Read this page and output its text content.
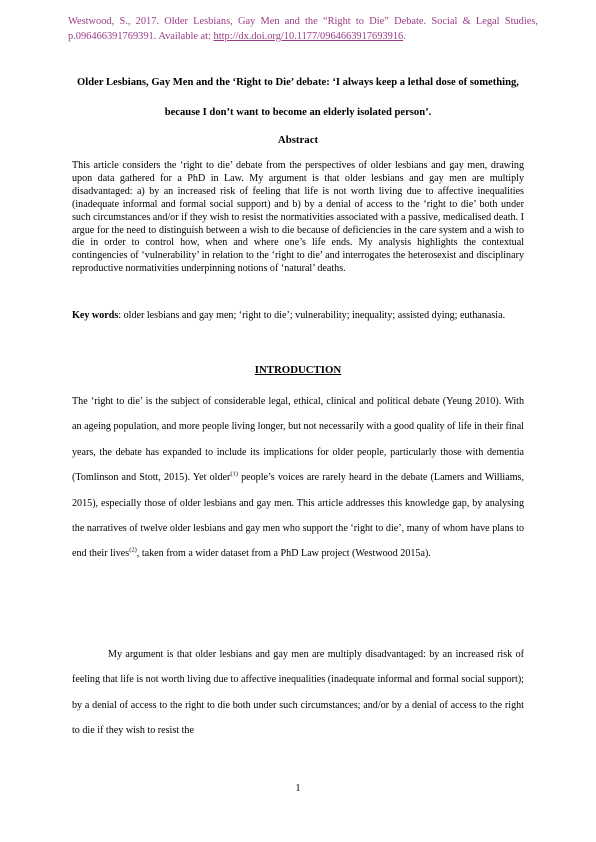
Westwood, S., 2017. Older Lesbians, Gay Men and the “Right to Die” Debate. Social & Legal Studies, p.096466391769391. Available at: http://dx.doi.org/10.1177/0964663917693916.
Older Lesbians, Gay Men and the ‘Right to Die’ debate: ‘I always keep a lethal dose of something, because I don’t want to become an elderly isolated person’.
Abstract
This article considers the ‘right to die’ debate from the perspectives of older lesbians and gay men, drawing upon data gathered for a PhD in Law. My argument is that older lesbians and gay men are multiply disadvantaged: a) by an increased risk of feeling that life is not worth living due to affective inequalities (inadequate informal and formal social support) and b) by a denial of access to the ‘right to die’ both under such circumstances and/or if they wish to resist the normativities associated with a passive, medicalised death. I argue for the need to distinguish between a wish to die because of deficiencies in the care system and a wish to die in order to control how, when and where one’s life ends. My analysis highlights the contextual contingencies of ‘vulnerability’ in relation to the ‘right to die’ and interrogates the heterosexist and disciplinary reproductive normativities underpinning notions of ‘natural’ deaths.
Key words: older lesbians and gay men; ‘right to die’; vulnerability; inequality; assisted dying; euthanasia.
INTRODUCTION
The ‘right to die’ is the subject of considerable legal, ethical, clinical and political debate (Yeung 2010). With an ageing population, and more people living longer, but not necessarily with a good quality of life in their final years, the debate has expanded to include its implications for older people, particularly those with dementia (Tomlinson and Stott, 2015). Yet older$^{(1)}$ people’s voices are rarely heard in the debate (Lamers and Williams, 2015), especially those of older lesbians and gay men. This article addresses this knowledge gap, by analysing the narratives of twelve older lesbians and gay men who support the ‘right to die’, many of whom have plans to end their lives$^{(2)}$, taken from a wider dataset from a PhD Law project (Westwood 2015a).
My argument is that older lesbians and gay men are multiply disadvantaged: by an increased risk of feeling that life is not worth living due to affective inequalities (inadequate informal and formal social support); by a denial of access to the right to die both under such circumstances; and/or by a denial of access to the right to die if they wish to resist the
1
